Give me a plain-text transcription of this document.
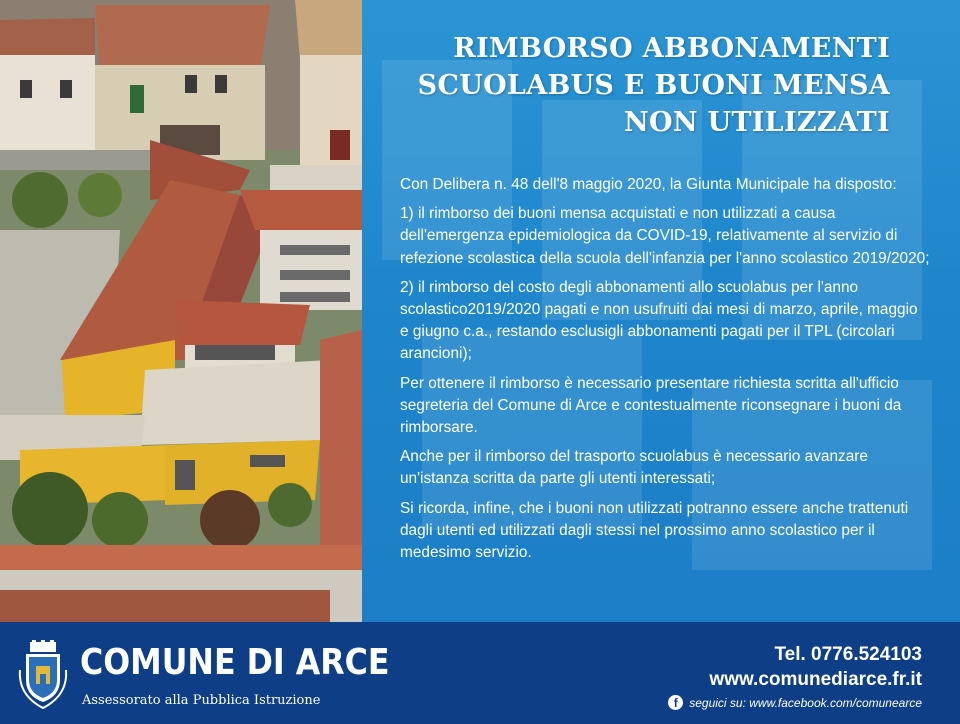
RIMBORSO ABBONAMENTI
SCUOLABUS E BUONI MENSA
NON UTILIZZATI

Con Delibera n. 48 dell'8 maggio 2020, la Giunta Municipale ha disposto:

1) il rimborso dei buoni mensa acquistati e non utilizzati a causa dell'emergenza epidemiologica da COVID-19, relativamente al servizio di refezione scolastica della scuola dell'infanzia per l'anno scolastico 2019/2020;

2) il rimborso del costo degli abbonamenti allo scuolabus per l'anno scolastico2019/2020 pagati e non usufruiti dai mesi di marzo, aprile, maggio e giugno c.a., restando esclusigli abbonamenti pagati per il TPL (circolari arancioni);

Per ottenere il rimborso è necessario presentare richiesta scritta all'ufficio segreteria del Comune di Arce e contestualmente riconsegnare i buoni da rimborsare.

Anche per il rimborso del trasporto scuolabus è necessario avanzare un'istanza scritta da parte gli utenti interessati;

Si ricorda, infine, che i buoni non utilizzati potranno essere anche trattenuti dagli utenti ed utilizzati dagli stessi nel prossimo anno scolastico per il medesimo servizio.

COMUNE DI ARCE
Assessorato alla Pubblica Istruzione
Tel. 0776.524103
www.comunediarce.fr.it
f seguici su: www.facebook.com/comunearce
